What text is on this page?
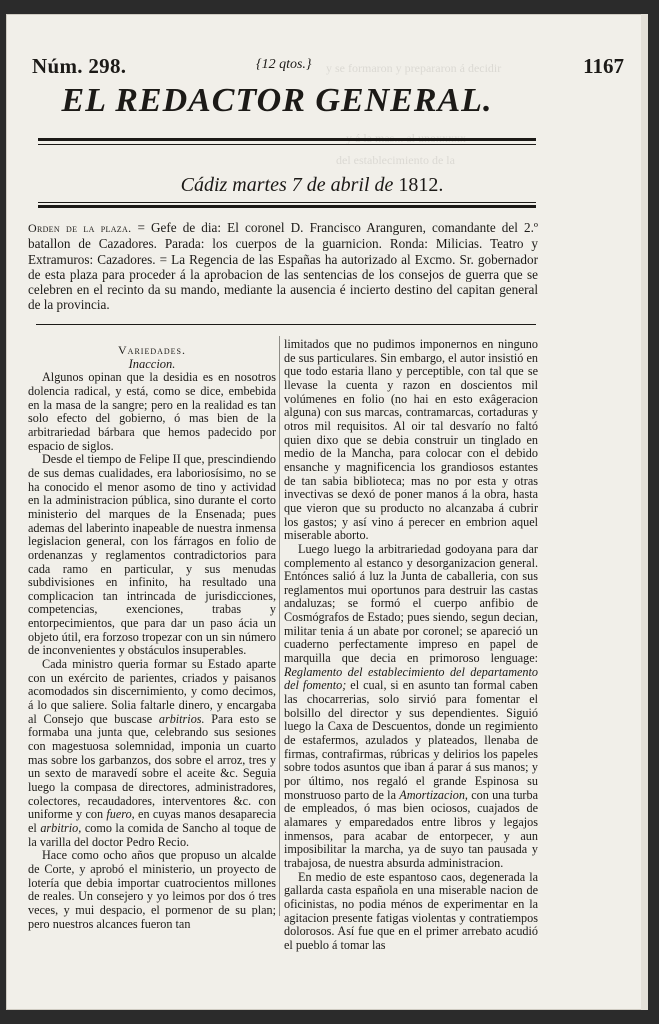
y se formaron y prepararon á decidir
del establecimiento de la
Núm. 298.	{12 qtos.}	1167
EL REDACTOR GENERAL.
Cádiz martes 7 de abril de 1812.
Orden de la plaza. = Gefe de dia: El coronel D. Francisco Aranguren, comandante del 2.º batallon de Cazadores. Parada: los cuerpos de la guarnicion. Ronda: Milicias. Teatro y Extramuros: Cazadores. = La Regencia de las Españas ha autorizado al Excmo. Sr. gobernador de esta plaza para proceder á la aprobacion de las sentencias de los consejos de guerra que se celebren en el recinto da su mando, mediante la ausencia é incierto destino del capitan general de la provincia.

Variedades.

Inaccion.

Algunos opinan que la desidia es en nosotros dolencia radical, y está, como se dice, embebida en la masa de la sangre; pero en la realidad es tan solo efecto del gobierno, ó mas bien de la arbitrariedad bárbara que hemos padecido por espacio de siglos.

Desde el tiempo de Felipe II que, prescindiendo de sus demas cualidades, era laboriosísimo, no se ha conocido el menor asomo de tino y actividad en la administracion pública, sino durante el corto ministerio del marques de la Ensenada; pues ademas del laberinto inapeable de nuestra inmensa legislacion general, con los fárragos en folio de ordenanzas y reglamentos contradictorios para cada ramo en particular, y sus menudas subdivisiones en infinito, ha resultado una complicacion tan intrincada de jurisdicciones, competencias, exenciones, trabas y entorpecimientos, que para dar un paso ácia un objeto útil, era forzoso tropezar con un sin número de inconvenientes y obstáculos insuperables.

Cada ministro queria formar su Estado aparte con un exército de parientes, criados y paisanos acomodados sin discernimiento, y como decimos, á lo que saliere. Solia faltarle dinero, y encargaba al Consejo que buscase arbitrios. Para esto se formaba una junta que, celebrando sus sesiones con magestuosa solemnidad, imponia un cuarto mas sobre los garbanzos, dos sobre el arroz, tres y un sexto de maravedí sobre el aceite &c. Seguia luego la compasa de directores, administradores, colectores, recaudadores, interventores &c. con uniforme y con fuero, en cuyas manos desaparecia el arbitrio, como la comida de Sancho al toque de la varilla del doctor Pedro Recio.

Hace como ocho años que propuso un alcalde de Corte, y aprobó el ministerio, un proyecto de lotería que debia importar cuatrocientos millones de reales. Un consejero y yo leimos por dos ó tres veces, y mui despacio, el pormenor de su plan; pero nuestros alcances fueron tan

limitados que no pudimos imponernos en ninguno de sus particulares. Sin embargo, el autor insistió en que todo estaria llano y perceptible, con tal que se llevase la cuenta y razon en doscientos mil volúmenes en folio (no hai en esto exâgeracion alguna) con sus marcas, contramarcas, cortaduras y otros mil requisitos. Al oir tal desvarío no faltó quien dixo que se debia construir un tinglado en medio de la Mancha, para colocar con el debido ensanche y magnificencia los grandiosos estantes de tan sabia biblioteca; mas no por esta y otras invectivas se dexó de poner manos á la obra, hasta que vieron que su producto no alcanzaba á cubrir los gastos; y así vino á perecer en embrion aquel miserable aborto.

Luego luego la arbitrariedad godoyana para dar complemento al estanco y desorganizacion general. Entónces salió á luz la Junta de caballeria, con sus reglamentos mui oportunos para destruir las castas andaluzas; se formó el cuerpo anfibio de Cosmógrafos de Estado; pues siendo, segun decian, militar tenia á un abate por coronel; se apareció un cuaderno perfectamente impreso en papel de marquilla que decia en primoroso lenguage: Reglamento del establecimiento del departamento del fomento; el cual, si en asunto tan formal caben las chocarrerias, solo sirvió para fomentar el bolsillo del director y sus dependientes. Siguió luego la Caxa de Descuentos, donde un regimiento de estafermos, azulados y plateados, llenaba de firmas, contrafirmas, rúbricas y delirios los papeles sobre todos asuntos que iban á parar á sus manos; y por último, nos regaló el grande Espinosa su monstruoso parto de la Amortizacion, con una turba de empleados, ó mas bien ociosos, cuajados de alamares y emparedados entre libros y legajos inmensos, para acabar de entorpecer, y aun imposibilitar la marcha, ya de suyo tan pausada y trabajosa, de nuestra absurda administracion.

En medio de este espantoso caos, degenerada la gallarda casta española en una miserable nacion de oficinistas, no podia ménos de experimentar en la agitacion presente fatigas violentas y contratiempos dolorosos. Así fue que en el primer arrebato acudió el pueblo á tomar las
